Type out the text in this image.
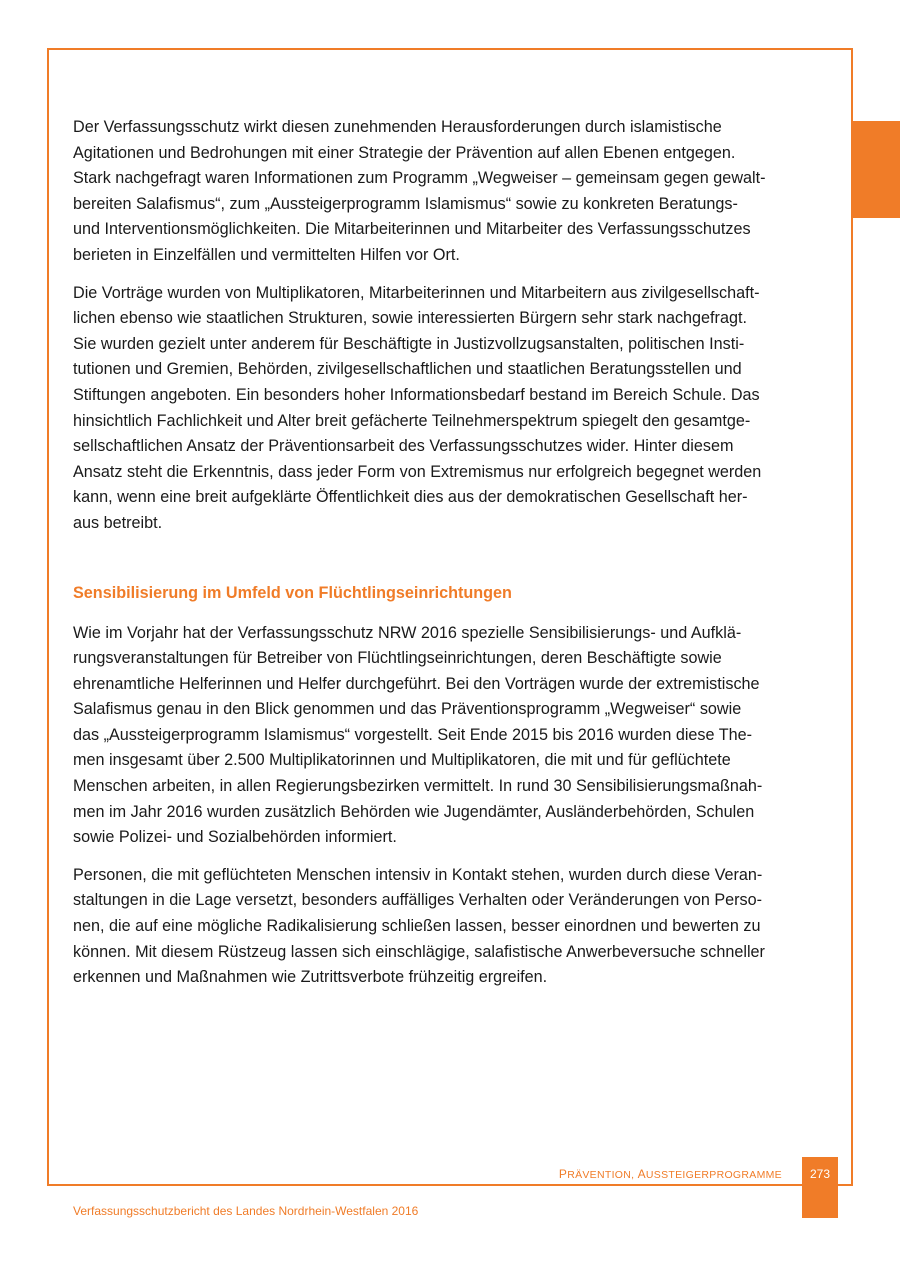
Der Verfassungsschutz wirkt diesen zunehmenden Herausforderungen durch islamistische
Agitationen und Bedrohungen mit einer Strategie der Prävention auf allen Ebenen entgegen.
Stark nachgefragt waren Informationen zum Programm „Wegweiser – gemeinsam gegen gewalt-
bereiten Salafismus“, zum „Aussteigerprogramm Islamismus“ sowie zu konkreten Beratungs-
und Interventionsmöglichkeiten. Die Mitarbeiterinnen und Mitarbeiter des Verfassungsschutzes
berieten in Einzelfällen und vermittelten Hilfen vor Ort.

Die Vorträge wurden von Multiplikatoren, Mitarbeiterinnen und Mitarbeitern aus zivilgesellschaft-
lichen ebenso wie staatlichen Strukturen, sowie interessierten Bürgern sehr stark nachgefragt.
Sie wurden gezielt unter anderem für Beschäftigte in Justizvollzugsanstalten, politischen Insti-
tutionen und Gremien, Behörden, zivilgesellschaftlichen und staatlichen Beratungsstellen und
Stiftungen angeboten. Ein besonders hoher Informationsbedarf bestand im Bereich Schule. Das
hinsichtlich Fachlichkeit und Alter breit gefächerte Teilnehmerspektrum spiegelt den gesamtge-
sellschaftlichen Ansatz der Präventionsarbeit des Verfassungsschutzes wider. Hinter diesem
Ansatz steht die Erkenntnis, dass jeder Form von Extremismus nur erfolgreich begegnet werden
kann, wenn eine breit aufgeklärte Öffentlichkeit dies aus der demokratischen Gesellschaft her-
aus betreibt.

Sensibilisierung im Umfeld von Flüchtlingseinrichtungen

Wie im Vorjahr hat der Verfassungsschutz NRW 2016 spezielle Sensibilisierungs- und Aufklä-
rungsveranstaltungen für Betreiber von Flüchtlingseinrichtungen, deren Beschäftigte sowie
ehrenamtliche Helferinnen und Helfer durchgeführt. Bei den Vorträgen wurde der extremistische
Salafismus genau in den Blick genommen und das Präventionsprogramm „Wegweiser“ sowie
das „Aussteigerprogramm Islamismus“ vorgestellt. Seit Ende 2015 bis 2016 wurden diese The-
men insgesamt über 2.500 Multiplikatorinnen und Multiplikatoren, die mit und für geflüchtete
Menschen arbeiten, in allen Regierungsbezirken vermittelt. In rund 30 Sensibilisierungsmaßnah-
men im Jahr 2016 wurden zusätzlich Behörden wie Jugendämter, Ausländerbehörden, Schulen
sowie Polizei- und Sozialbehörden informiert.

Personen, die mit geflüchteten Menschen intensiv in Kontakt stehen, wurden durch diese Veran-
staltungen in die Lage versetzt, besonders auffälliges Verhalten oder Veränderungen von Perso-
nen, die auf eine mögliche Radikalisierung schließen lassen, besser einordnen und bewerten zu
können. Mit diesem Rüstzeug lassen sich einschlägige, salafistische Anwerbeversuche schneller
erkennen und Maßnahmen wie Zutrittsverbote frühzeitig ergreifen.

PRÄVENTION, AUSSTEIGERPROGRAMME	273
Verfassungsschutzbericht des Landes Nordrhein-Westfalen 2016
